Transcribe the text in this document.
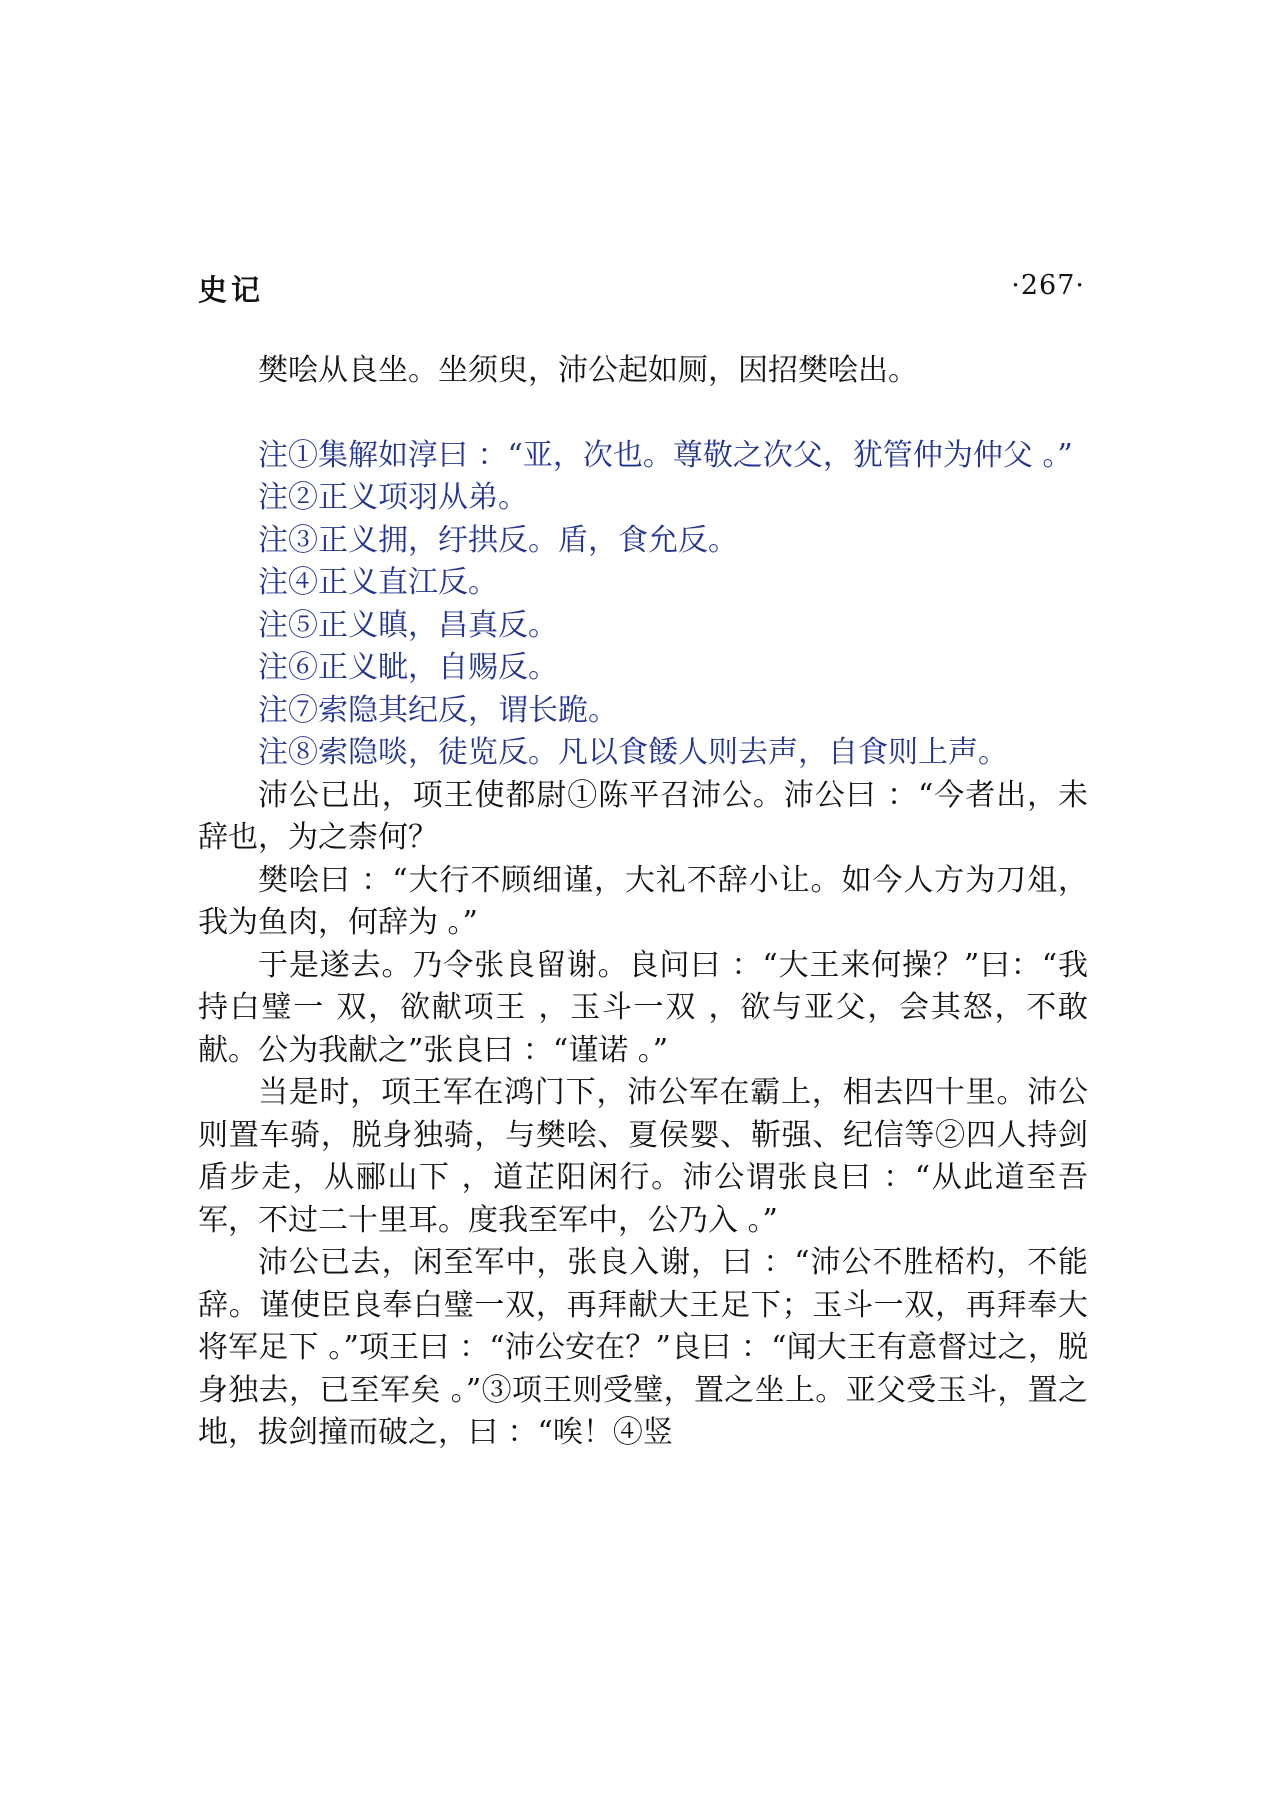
史记	·267·

樊哙从良坐。坐须臾，沛公起如厕，因招樊哙出。

注①集解如淳曰 ：“亚，次也。尊敬之次父，犹管仲为仲父 。”

注②正义项羽从弟。

注③正义拥，纡拱反。盾，食允反。

注④正义直江反。

注⑤正义瞋，昌真反。

注⑥正义眦，自赐反。

注⑦索隐其纪反，谓长跪。

注⑧索隐啖，徒览反。凡以食餧人则去声，自食则上声。

沛公已出，项王使都尉①陈平召沛公。沛公曰 ：“今者出，未辞也，为之柰何？

樊哙曰 ：“大行不顾细谨，大礼不辞小让。如今人方为刀俎，我为鱼肉，何辞为 。”

于是遂去。乃令张良留谢。良问曰 ：“大王来何操？”曰：“我持白璧一 双，欲献项王 ，玉斗一双 ，欲与亚父，会其怒，不敢献。公为我献之”张良曰 ：“谨诺 。”

当是时，项王军在鸿门下，沛公军在霸上，相去四十里。沛公则置车骑，脱身独骑，与樊哙、夏侯婴、靳强、纪信等②四人持剑盾步走，从郦山下 ，道芷阳闲行。沛公谓张良曰 ：“从此道至吾军，不过二十里耳。度我至军中，公乃入 。”

沛公已去，闲至军中，张良入谢，曰 ：“沛公不胜桮杓，不能辞。谨使臣良奉白璧一双，再拜献大王足下；玉斗一双，再拜奉大将军足下 。”项王曰 ：“沛公安在？”良曰 ：“闻大王有意督过之，脱身独去，已至军矣 。”③项王则受璧，置之坐上。亚父受玉斗，置之地，拔剑撞而破之，曰 ：“唉！④竖
